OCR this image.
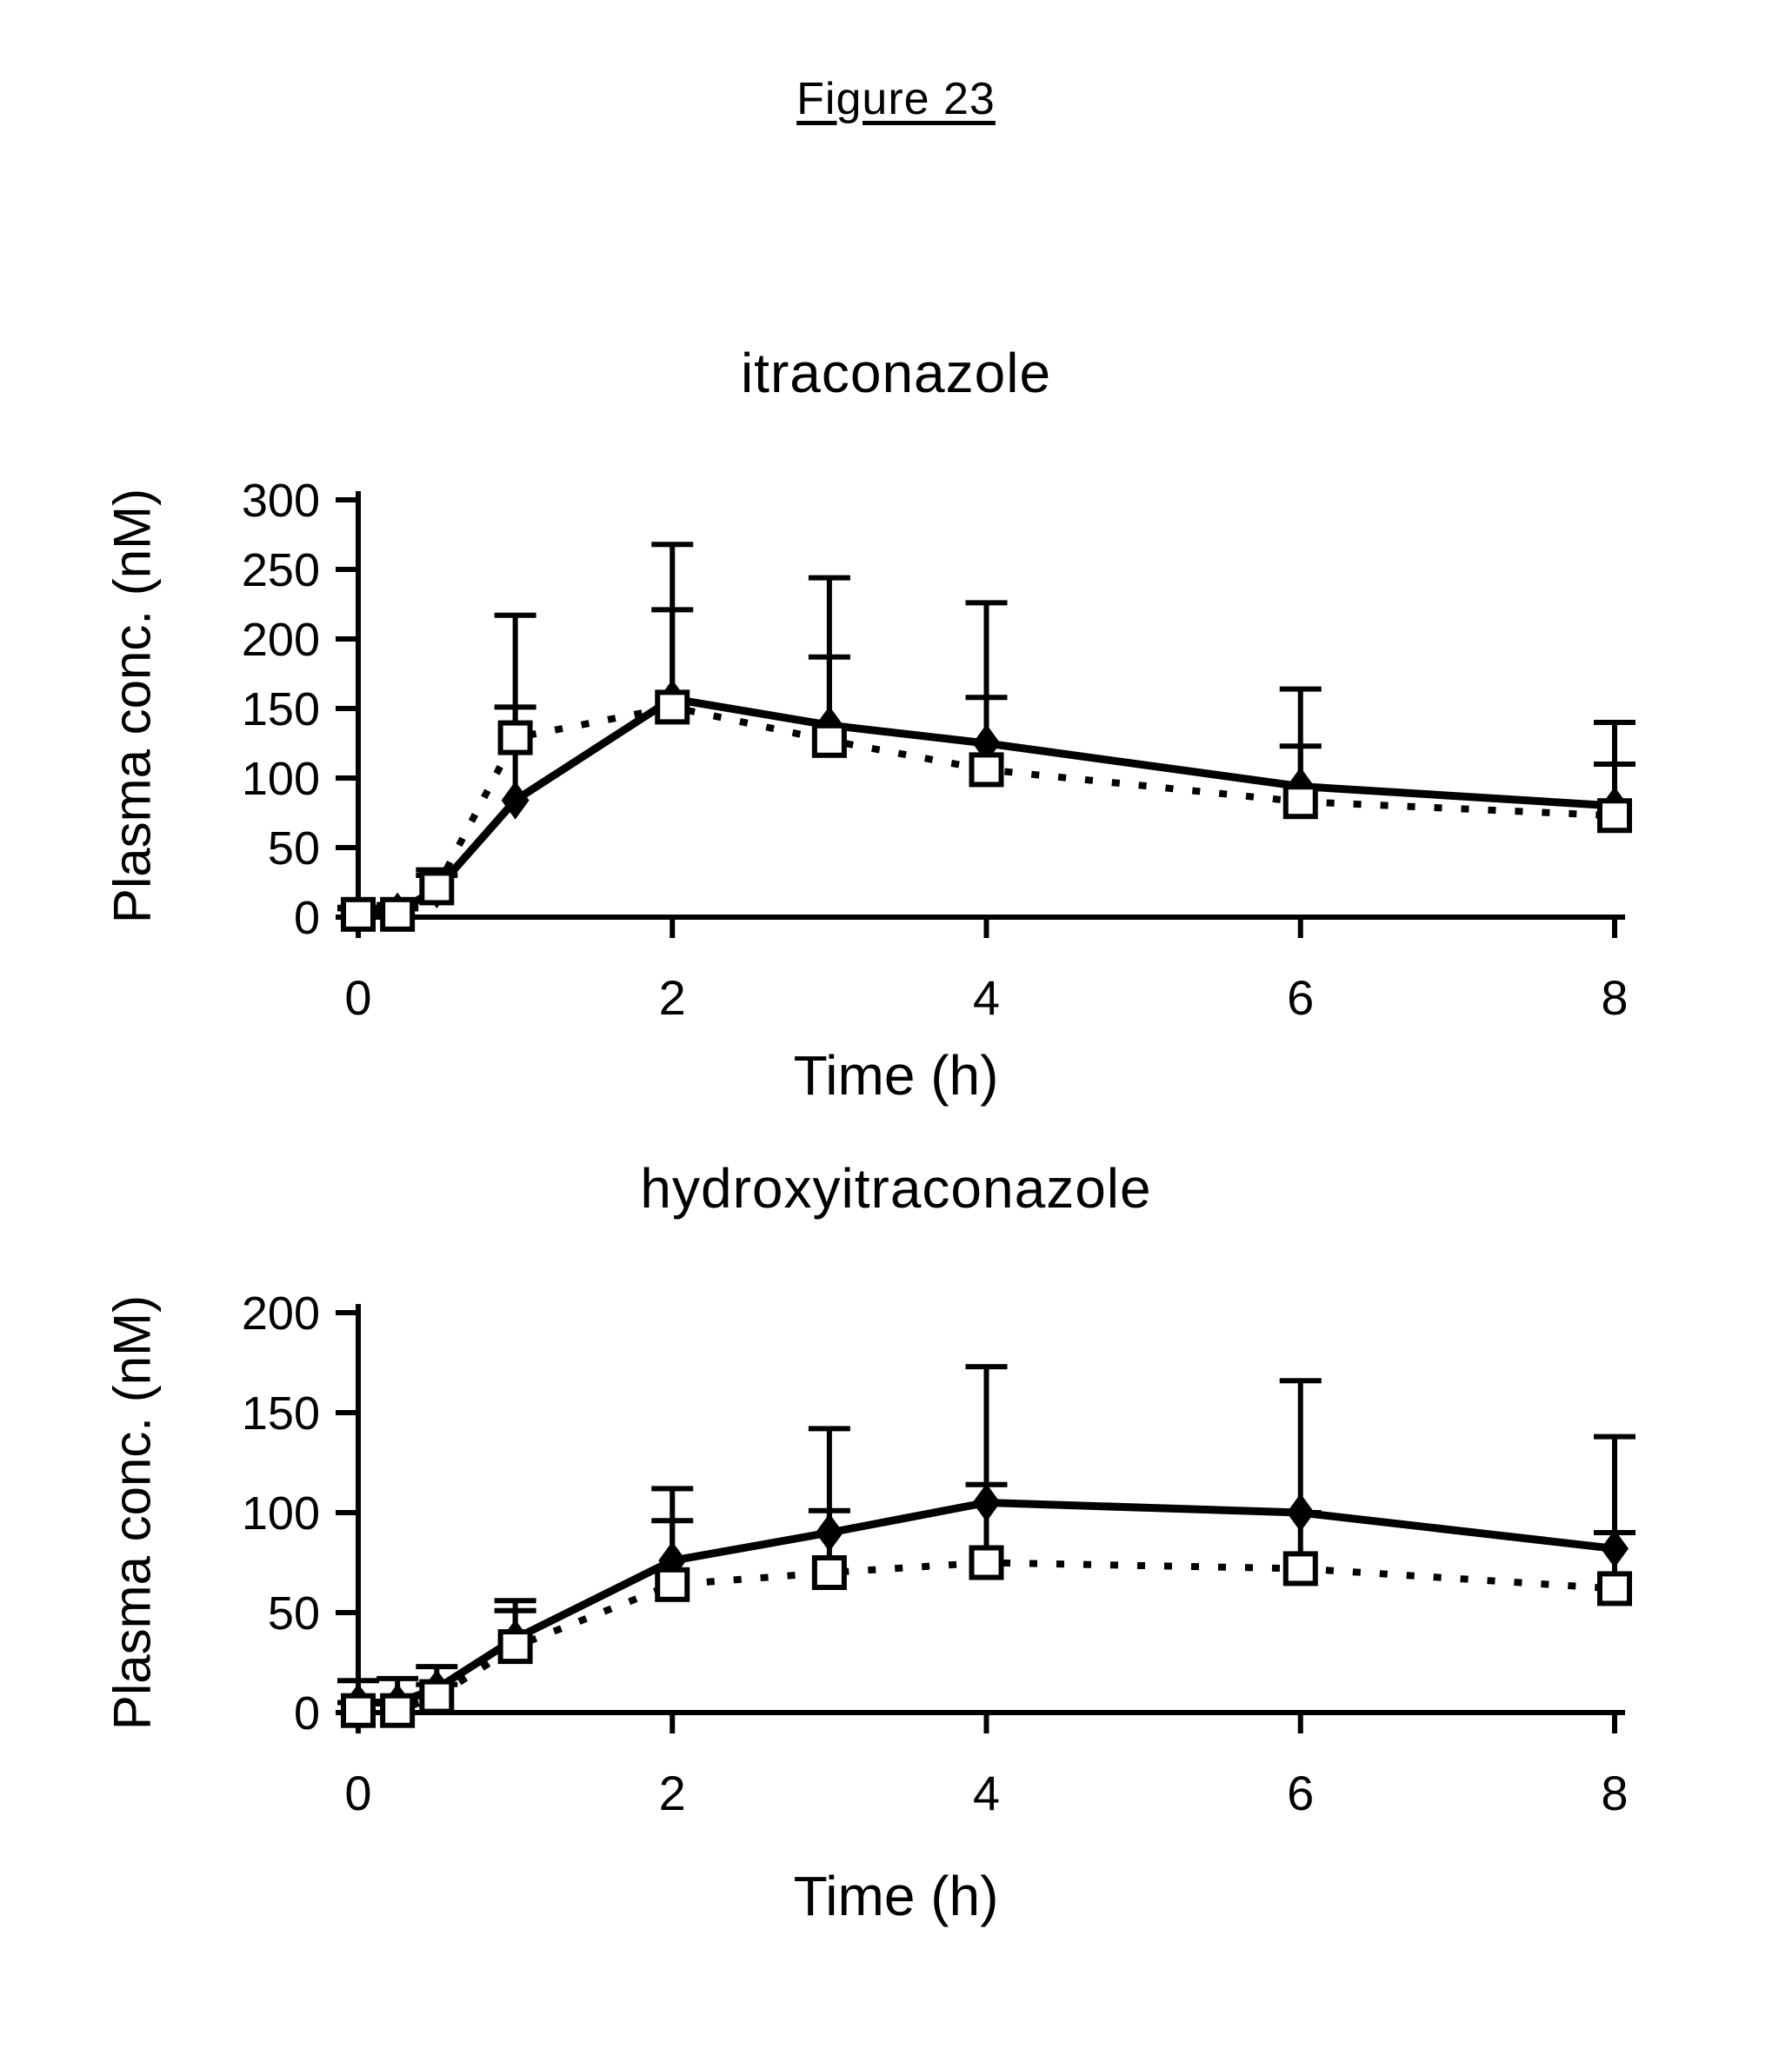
Figure 23
itraconazole
Plasma conc. (nM)
Time (h)
hydroxyitraconazole
Plasma conc. (nM)
Time (h)
0
50
100
150
200
250
300
0	2	4	6	8
0
50
100
150
200
0	2	4	6	8
